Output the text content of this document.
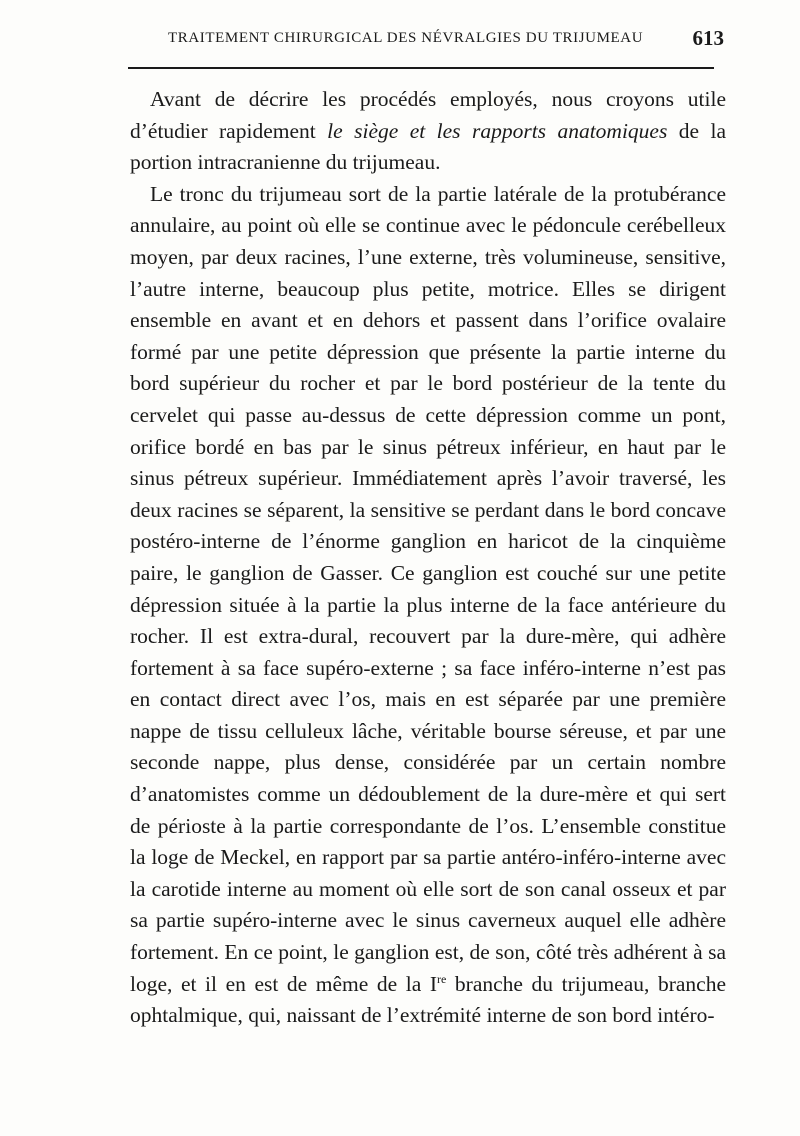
TRAITEMENT CHIRURGICAL DES NÉVRALGIES DU TRIJUMEAU 613

Avant de décrire les procédés employés, nous croyons utile d’étudier rapidement le siège et les rapports anatomiques de la portion intracranienne du trijumeau.

Le tronc du trijumeau sort de la partie latérale de la protubérance annulaire, au point où elle se continue avec le pédoncule cerébelleux moyen, par deux racines, l’une externe, très volumineuse, sensitive, l’autre interne, beaucoup plus petite, motrice. Elles se dirigent ensemble en avant et en dehors et passent dans l’orifice ovalaire formé par une petite dépression que présente la partie interne du bord supérieur du rocher et par le bord postérieur de la tente du cervelet qui passe au-dessus de cette dépression comme un pont, orifice bordé en bas par le sinus pétreux inférieur, en haut par le sinus pétreux supérieur. Immédiatement après l’avoir traversé, les deux racines se séparent, la sensitive se perdant dans le bord concave postéro-interne de l’énorme ganglion en haricot de la cinquième paire, le ganglion de Gasser. Ce ganglion est couché sur une petite dépression située à la partie la plus interne de la face antérieure du rocher. Il est extra-dural, recouvert par la dure-mère, qui adhère fortement à sa face supéro-externe ; sa face inféro-interne n’est pas en contact direct avec l’os, mais en est séparée par une première nappe de tissu celluleux lâche, véritable bourse séreuse, et par une seconde nappe, plus dense, considérée par un certain nombre d’anatomistes comme un dédoublement de la dure-mère et qui sert de périoste à la partie correspondante de l’os. L’ensemble constitue la loge de Meckel, en rapport par sa partie antéro-inféro-interne avec la carotide interne au moment où elle sort de son canal osseux et par sa partie supéro-interne avec le sinus caverneux auquel elle adhère fortement. En ce point, le ganglion est, de son, côté très adhérent à sa loge, et il en est de même de la Ire branche du trijumeau, branche ophtalmique, qui, naissant de l’extrémité interne de son bord intéro-
